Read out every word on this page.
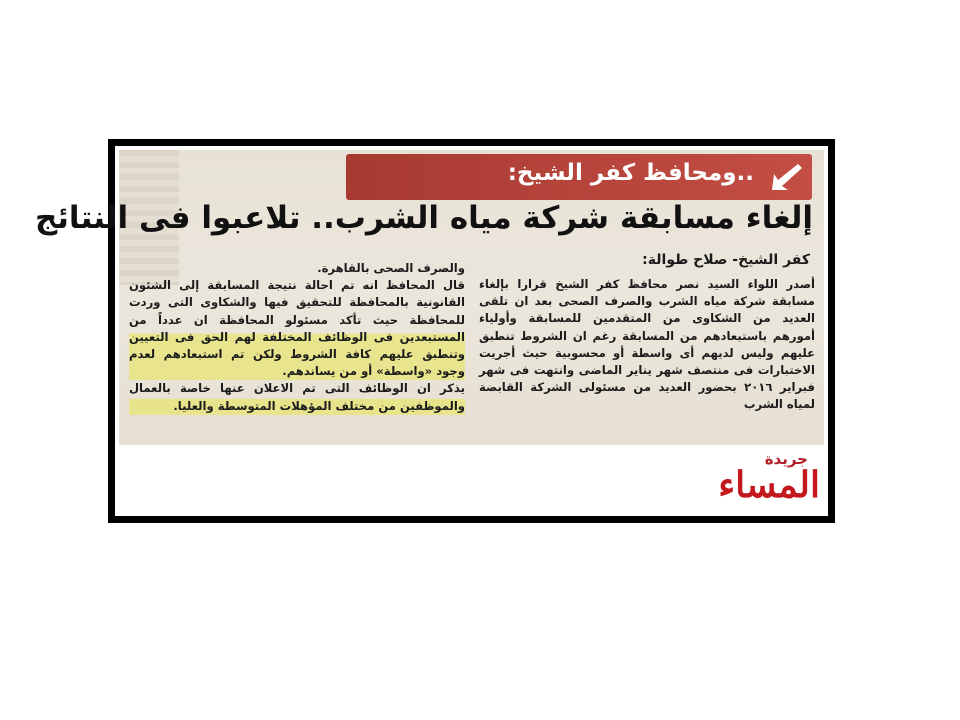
..ومحافظ كفر الشيخ:
إلغاء مسابقة شركة مياه الشرب.. تلاعبوا فى النتائج
كفر الشيخ- صلاح طوالة:

أصدر اللواء السيد نصر محافظ كفر الشيخ قرارا بإلغاء مسابقة شركة مياه الشرب والصرف الصحى بعد ان تلقى العديد من الشكاوى من المتقدمين للمسابقة وأولياء أمورهم باستبعادهم من المسابقة رغم ان الشروط تنطبق عليهم وليس لديهم أى واسطة أو محسوبية حيث أجريت الاختبارات فى منتصف شهر يناير الماضى وانتهت فى شهر فبراير ٢٠١٦ بحضور العديد من مسئولى الشركة القابضة لمياه الشرب

والصرف الصحى بالقاهرة.

قال المحافظ انه تم احالة نتيجة المسابقة إلى الشئون القانونية بالمحافظة للتحقيق فيها والشكاوى التى وردت للمحافظة حيث تأكد مسئولو المحافظة ان عدداً من المستبعدين فى الوظائف المختلفة لهم الحق فى التعيين وتنطبق عليهم كافة الشروط ولكن تم استبعادهم لعدم وجود «واسطة» أو من يساندهم.

يذكر ان الوظائف التى تم الاعلان عنها خاصة بالعمال والموظفين من مختلف المؤهلات المتوسطة والعليا.

جريدة
المساء
